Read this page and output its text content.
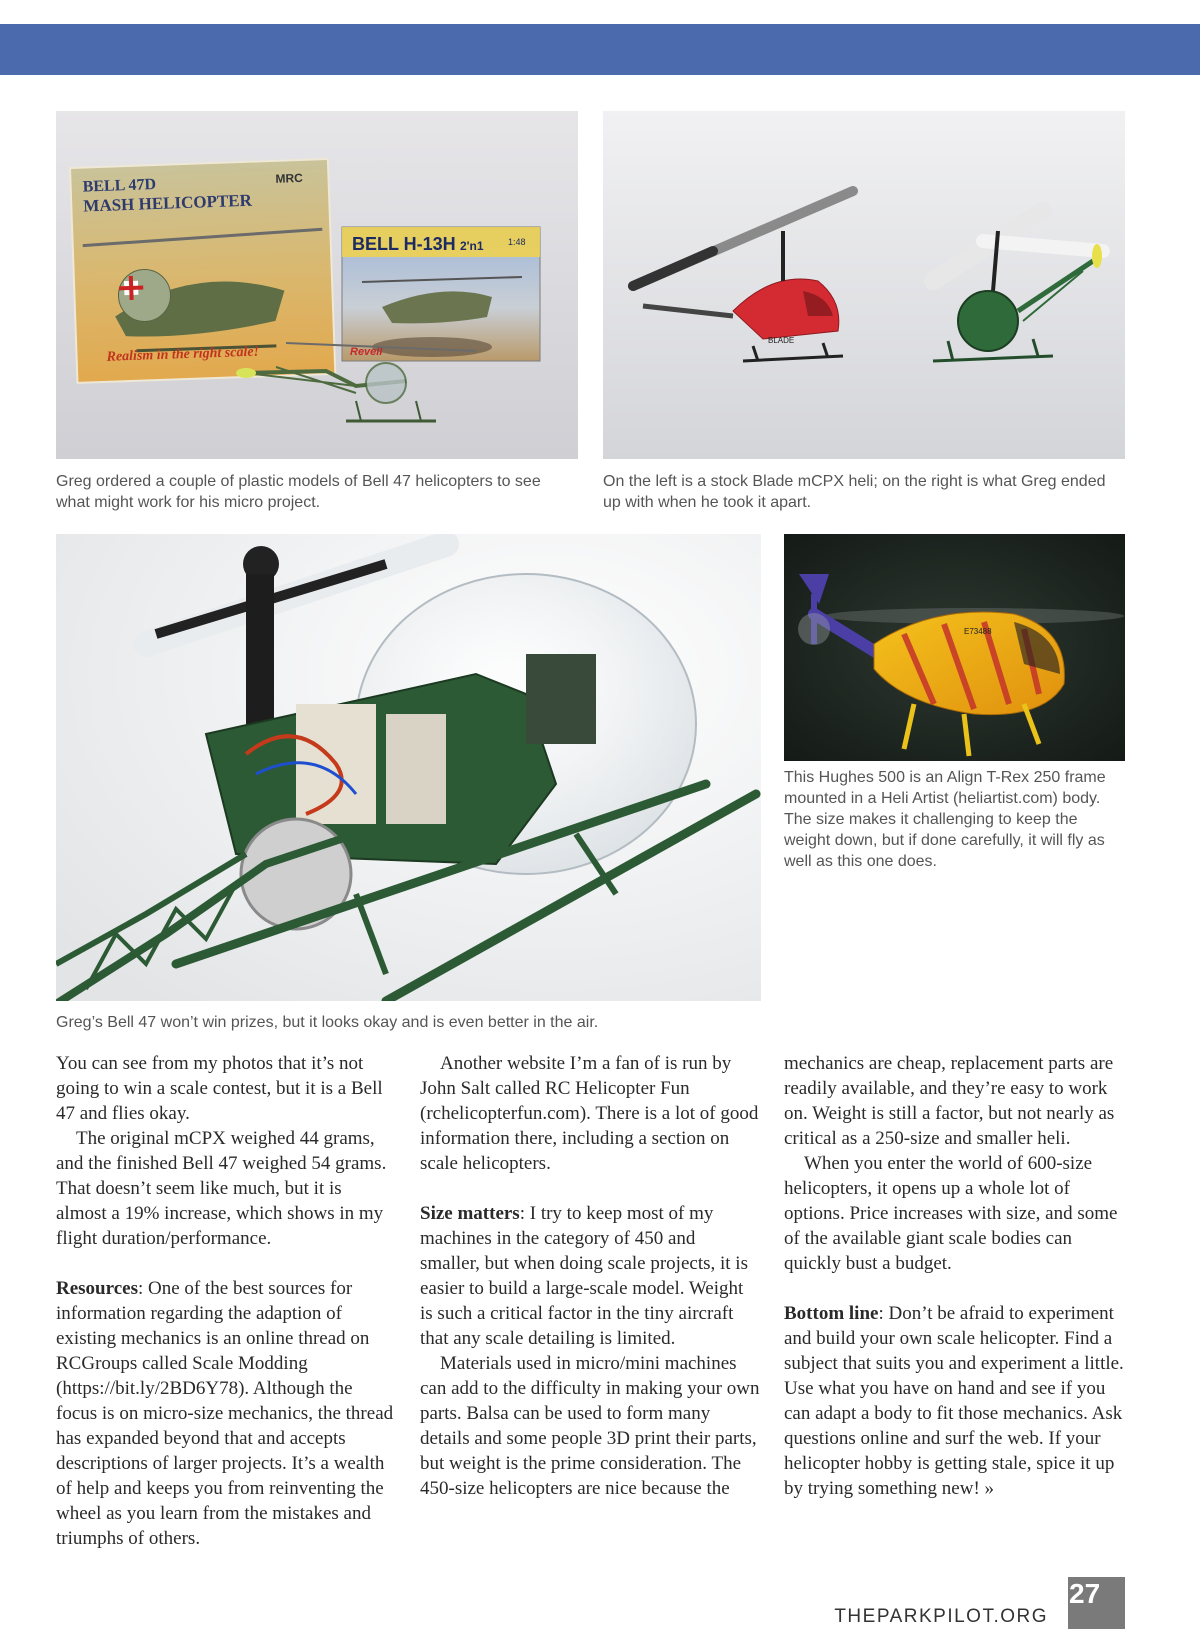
Realism in the right scale!
BELL 47D
MASH HELICOPTER
MRC
BELL H-13H 2'n1	1:48
Revell
BLADE

Greg ordered a couple of plastic models of Bell 47 helicopters to see what might work for his micro project.

On the left is a stock Blade mCPX heli; on the right is what Greg ended up with when he took it apart.

E73488

This Hughes 500 is an Align T-Rex 250 frame mounted in a Heli Artist (heliartist.com) body. The size makes it challenging to keep the weight down, but if done carefully, it will fly as well as this one does.

Greg’s Bell 47 won’t win prizes, but it looks okay and is even better in the air.

You can see from my photos that it’s not going to win a scale contest, but it is a Bell 47 and flies okay.

The original mCPX weighed 44 grams, and the finished Bell 47 weighed 54 grams. That doesn’t seem like much, but it is almost a 19% increase, which shows in my flight duration/performance.

Resources: One of the best sources for information regarding the adaption of existing mechanics is an online thread on RCGroups called Scale Modding (https://bit.ly/2BD6Y78). Although the focus is on micro-size mechanics, the thread has expanded beyond that and accepts descriptions of larger projects. It’s a wealth of help and keeps you from reinventing the wheel as you learn from the mistakes and triumphs of others.

Another website I’m a fan of is run by John Salt called RC Helicopter Fun (rchelicopterfun.com). There is a lot of good information there, including a section on scale helicopters.

Size matters: I try to keep most of my machines in the category of 450 and smaller, but when doing scale projects, it is easier to build a large-scale model. Weight is such a critical factor in the tiny aircraft that any scale detailing is limited.

Materials used in micro/mini machines can add to the difficulty in making your own parts. Balsa can be used to form many details and some people 3D print their parts, but weight is the prime consideration. The 450-size helicopters are nice because the

mechanics are cheap, replacement parts are readily available, and they’re easy to work on. Weight is still a factor, but not nearly as critical as a 250-size and smaller heli.

When you enter the world of 600-size helicopters, it opens up a whole lot of options. Price increases with size, and some of the available giant scale bodies can quickly bust a budget.

Bottom line: Don’t be afraid to experiment and build your own scale helicopter. Find a subject that suits you and experiment a little. Use what you have on hand and see if you can adapt a body to fit those mechanics. Ask questions online and surf the web. If your helicopter hobby is getting stale, spice it up by trying something new! »

THEPARKPILOT.ORG
27
